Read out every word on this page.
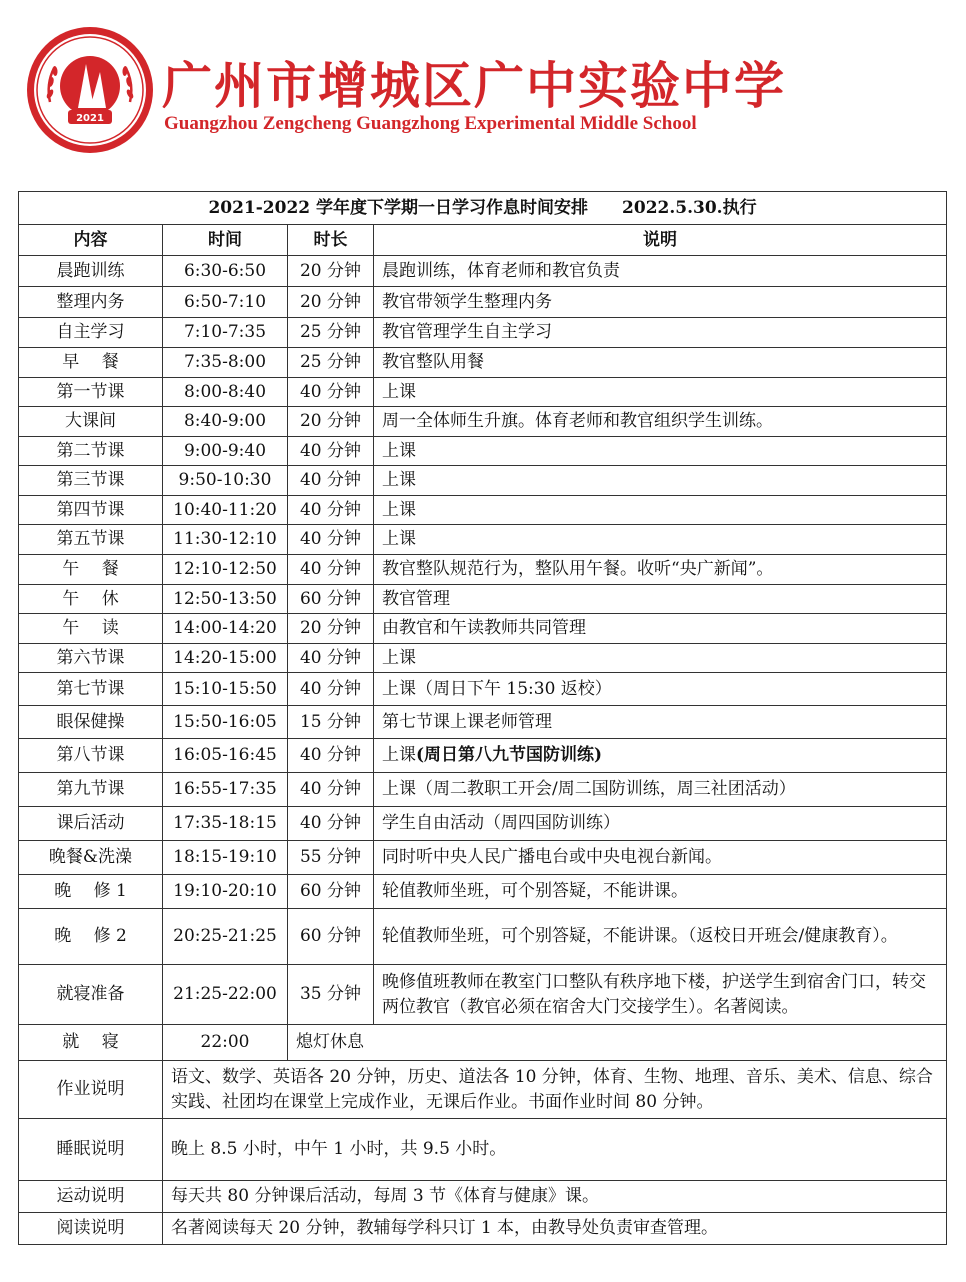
2021
广州市增城区广中实验中学
Guangzhou Zengcheng Guangzhong Experimental Middle School
2021-2022 学年度下学期一日学习作息时间安排 2022.5.30.执行			
内容	时间	时长	说明
晨跑训练	6:30-6:50	20 分钟	晨跑训练，体育老师和教官负责
整理内务	6:50-7:10	20 分钟	教官带领学生整理内务
自主学习	7:10-7:35	25 分钟	教官管理学生自主学习
早　 餐	7:35-8:00	25 分钟	教官整队用餐
第一节课	8:00-8:40	40 分钟	上课
大课间	8:40-9:00	20 分钟	周一全体师生升旗。体育老师和教官组织学生训练。
第二节课	9:00-9:40	40 分钟	上课
第三节课	9:50-10:30	40 分钟	上课
第四节课	10:40-11:20	40 分钟	上课
第五节课	11:30-12:10	40 分钟	上课
午　 餐	12:10-12:50	40 分钟	教官整队规范行为，整队用午餐。收听“央广新闻”。
午　 休	12:50-13:50	60 分钟	教官管理
午　 读	14:00-14:20	20 分钟	由教官和午读教师共同管理
第六节课	14:20-15:00	40 分钟	上课
第七节课	15:10-15:50	40 分钟	上课（周日下午 15:30 返校）
眼保健操	15:50-16:05	15 分钟	第七节课上课老师管理
第八节课	16:05-16:45	40 分钟	上课(周日第八九节国防训练)
第九节课	16:55-17:35	40 分钟	上课（周二教职工开会/周二国防训练，周三社团活动）
课后活动	17:35-18:15	40 分钟	学生自由活动（周四国防训练）
晚餐&洗澡	18:15-19:10	55 分钟	同时听中央人民广播电台或中央电视台新闻。
晚　 修 1	19:10-20:10	60 分钟	轮值教师坐班，可个别答疑，不能讲课。
晚　 修 2	20:25-21:25	60 分钟	轮值教师坐班，可个别答疑，不能讲课。（返校日开班会/健康教育）。
就寝准备	21:25-22:00	35 分钟	晚修值班教师在教室门口整队有秩序地下楼，护送学生到宿舍门口，转交两位教官（教官必须在宿舍大门交接学生）。名著阅读。
就　 寝	22:00	熄灯休息	
作业说明	语文、数学、英语各 20 分钟，历史、道法各 10 分钟，体育、生物、地理、音乐、美术、信息、综合实践、社团均在课堂上完成作业，无课后作业。书面作业时间 80 分钟。		
睡眠说明	晚上 8.5 小时，中午 1 小时，共 9.5 小时。		
运动说明	每天共 80 分钟课后活动，每周 3 节《体育与健康》课。		
阅读说明	名著阅读每天 20 分钟，教辅每学科只订 1 本，由教导处负责审查管理。		
